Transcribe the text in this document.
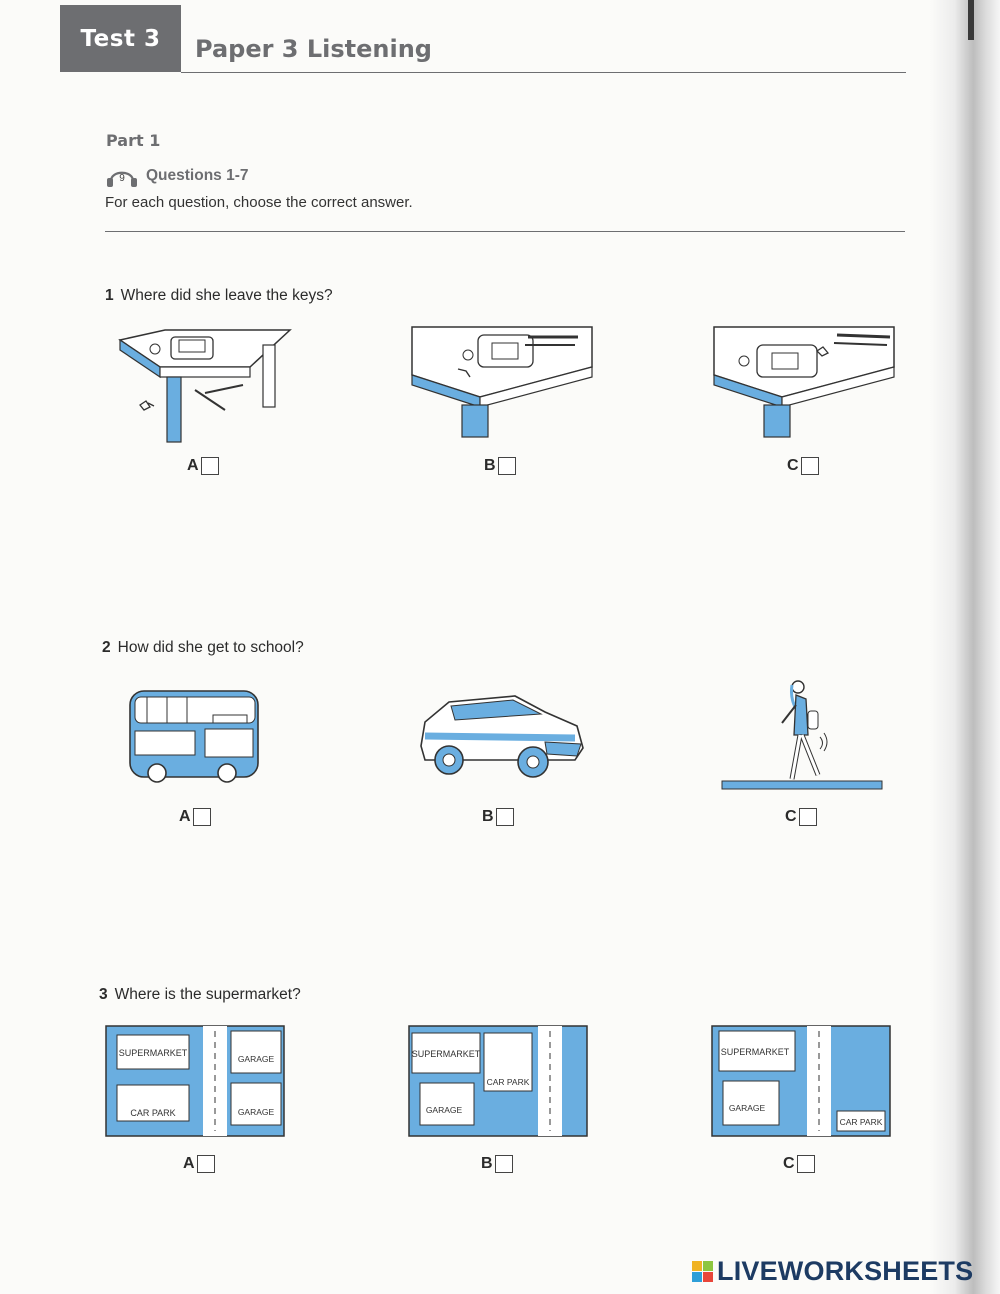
Test 3 Paper 3 Listening
Part 1
9 Questions 1-7
For each question, choose the correct answer.
1 Where did she leave the keys?
A	B	C
2 How did she get to school?
A	B	C
3 Where is the supermarket?
SUPERMARKET
CAR PARK
GARAGE
GARAGE
A
SUPERMARKET
CAR PARK
GARAGE
B
SUPERMARKET
GARAGE
CAR PARK
C
LIVEWORKSHEETS
